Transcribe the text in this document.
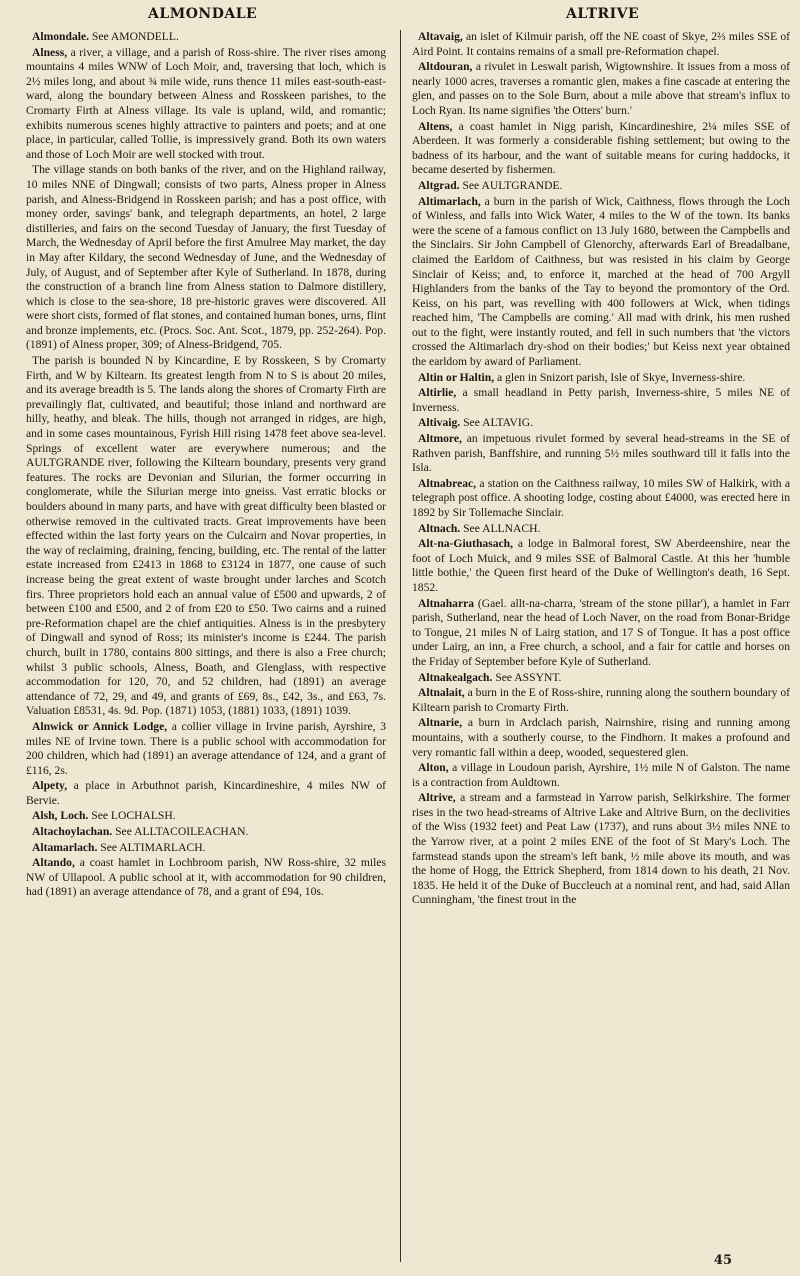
ALMONDALE	ALTRIVE

Almondale. See AMONDELL.

Alness, a river, a village, and a parish of Ross-shire. The river rises among mountains 4 miles WNW of Loch Moir, and, traversing that loch, which is 2½ miles long, and about ¾ mile wide, runs thence 11 miles east-south-east-ward, along the boundary between Alness and Rosskeen parishes, to the Cromarty Firth at Alness village. Its vale is upland, wild, and romantic; exhibits numerous scenes highly attractive to painters and poets; and at one place, in particular, called Tollie, is impressively grand. Both its own waters and those of Loch Moir are well stocked with trout.

The village stands on both banks of the river, and on the Highland railway, 10 miles NNE of Dingwall; consists of two parts, Alness proper in Alness parish, and Alness-Bridgend in Rosskeen parish; and has a post office, with money order, savings' bank, and telegraph departments, an hotel, 2 large distilleries, and fairs on the second Tuesday of January, the first Tuesday of March, the Wednesday of April before the first Amulree May market, the day in May after Kildary, the second Wednesday of June, and the Wednesday of July, of August, and of September after Kyle of Sutherland. In 1878, during the construction of a branch line from Alness station to Dalmore distillery, which is close to the sea-shore, 18 pre-historic graves were discovered. All were short cists, formed of flat stones, and contained human bones, urns, flint and bronze implements, etc. (Procs. Soc. Ant. Scot., 1879, pp. 252-264). Pop. (1891) of Alness proper, 309; of Alness-Bridgend, 705.

The parish is bounded N by Kincardine, E by Rosskeen, S by Cromarty Firth, and W by Kiltearn. Its greatest length from N to S is about 20 miles, and its average breadth is 5. The lands along the shores of Cromarty Firth are prevailingly flat, cultivated, and beautiful; those inland and northward are hilly, heathy, and bleak. The hills, though not arranged in ridges, are high, and in some cases mountainous, Fyrish Hill rising 1478 feet above sea-level. Springs of excellent water are everywhere numerous; and the AULTGRANDE river, following the Kiltearn boundary, presents very grand features. The rocks are Devonian and Silurian, the former occurring in conglomerate, while the Silurian merge into gneiss. Vast erratic blocks or boulders abound in many parts, and have with great difficulty been blasted or otherwise removed in the cultivated tracts. Great improvements have been effected within the last forty years on the Culcairn and Novar properties, in the way of reclaiming, draining, fencing, building, etc. The rental of the latter estate increased from £2413 in 1868 to £3124 in 1877, one cause of such increase being the great extent of waste brought under larches and Scotch firs. Three proprietors hold each an annual value of £500 and upwards, 2 of between £100 and £500, and 2 of from £20 to £50. Two cairns and a ruined pre-Reformation chapel are the chief antiquities. Alness is in the presbytery of Dingwall and synod of Ross; its minister's income is £244. The parish church, built in 1780, contains 800 sittings, and there is also a Free church; whilst 3 public schools, Alness, Boath, and Glenglass, with respective accommodation for 120, 70, and 52 children, had (1891) an average attendance of 72, 29, and 49, and grants of £69, 8s., £42, 3s., and £63, 7s. Valuation £8531, 4s. 9d. Pop. (1871) 1053, (1881) 1033, (1891) 1039.

Alnwick or Annick Lodge, a collier village in Irvine parish, Ayrshire, 3 miles NE of Irvine town. There is a public school with accommodation for 200 children, which had (1891) an average attendance of 124, and a grant of £116, 2s.

Alpety, a place in Arbuthnot parish, Kincardineshire, 4 miles NW of Bervie.

Alsh, Loch. See LOCHALSH.

Altachoylachan. See ALLTACOILEACHAN.

Altamarlach. See ALTIMARLACH.

Altando, a coast hamlet in Lochbroom parish, NW Ross-shire, 32 miles NW of Ullapool. A public school at it, with accommodation for 90 children, had (1891) an average attendance of 78, and a grant of £94, 10s.

Altavaig, an islet of Kilmuir parish, off the NE coast of Skye, 2⅔ miles SSE of Aird Point. It contains remains of a small pre-Reformation chapel.

Altdouran, a rivulet in Leswalt parish, Wigtownshire. It issues from a moss of nearly 1000 acres, traverses a romantic glen, makes a fine cascade at entering the glen, and passes on to the Sole Burn, about a mile above that stream's influx to Loch Ryan. Its name signifies 'the Otters' burn.'

Altens, a coast hamlet in Nigg parish, Kincardineshire, 2¼ miles SSE of Aberdeen. It was formerly a considerable fishing settlement; but owing to the badness of its harbour, and the want of suitable means for curing haddocks, it became deserted by fishermen.

Altgrad. See AULTGRANDE.

Altimarlach, a burn in the parish of Wick, Caithness, flows through the Loch of Winless, and falls into Wick Water, 4 miles to the W of the town. Its banks were the scene of a famous conflict on 13 July 1680, between the Campbells and the Sinclairs. Sir John Campbell of Glenorchy, afterwards Earl of Breadalbane, claimed the Earldom of Caithness, but was resisted in his claim by George Sinclair of Keiss; and, to enforce it, marched at the head of 700 Argyll Highlanders from the banks of the Tay to beyond the promontory of the Ord. Keiss, on his part, was revelling with 400 followers at Wick, when tidings reached him, 'The Campbells are coming.' All mad with drink, his men rushed out to the fight, were instantly routed, and fell in such numbers that 'the victors crossed the Altimarlach dry-shod on their bodies;' but Keiss next year obtained the earldom by award of Parliament.

Altin or Haltin, a glen in Snizort parish, Isle of Skye, Inverness-shire.

Altirlie, a small headland in Petty parish, Inverness-shire, 5 miles NE of Inverness.

Altivaig. See ALTAVIG.

Altmore, an impetuous rivulet formed by several head-streams in the SE of Rathven parish, Banffshire, and running 5½ miles southward till it falls into the Isla.

Altnabreac, a station on the Caithness railway, 10 miles SW of Halkirk, with a telegraph post office. A shooting lodge, costing about £4000, was erected here in 1892 by Sir Tollemache Sinclair.

Altnach. See ALLNACH.

Alt-na-Giuthasach, a lodge in Balmoral forest, SW Aberdeenshire, near the foot of Loch Muick, and 9 miles SSE of Balmoral Castle. At this her 'humble little bothie,' the Queen first heard of the Duke of Wellington's death, 16 Sept. 1852.

Altnaharra (Gael. allt-na-charra, 'stream of the stone pillar'), a hamlet in Farr parish, Sutherland, near the head of Loch Naver, on the road from Bonar-Bridge to Tongue, 21 miles N of Lairg station, and 17 S of Tongue. It has a post office under Lairg, an inn, a Free church, a school, and a fair for cattle and horses on the Friday of September before Kyle of Sutherland.

Altnakealgach. See ASSYNT.

Altnalait, a burn in the E of Ross-shire, running along the southern boundary of Kiltearn parish to Cromarty Firth.

Altnarie, a burn in Ardclach parish, Nairnshire, rising and running among mountains, with a southerly course, to the Findhorn. It makes a profound and very romantic fall within a deep, wooded, sequestered glen.

Alton, a village in Loudoun parish, Ayrshire, 1½ mile N of Galston. The name is a contraction from Auldtown.

Altrive, a stream and a farmstead in Yarrow parish, Selkirkshire. The former rises in the two head-streams of Altrive Lake and Altrive Burn, on the declivities of the Wiss (1932 feet) and Peat Law (1737), and runs about 3½ miles NNE to the Yarrow river, at a point 2 miles ENE of the foot of St Mary's Loch. The farmstead stands upon the stream's left bank, ½ mile above its mouth, and was the home of Hogg, the Ettrick Shepherd, from 1814 down to his death, 21 Nov. 1835. He held it of the Duke of Buccleuch at a nominal rent, and had, said Allan Cunningham, 'the finest trout in the

45
